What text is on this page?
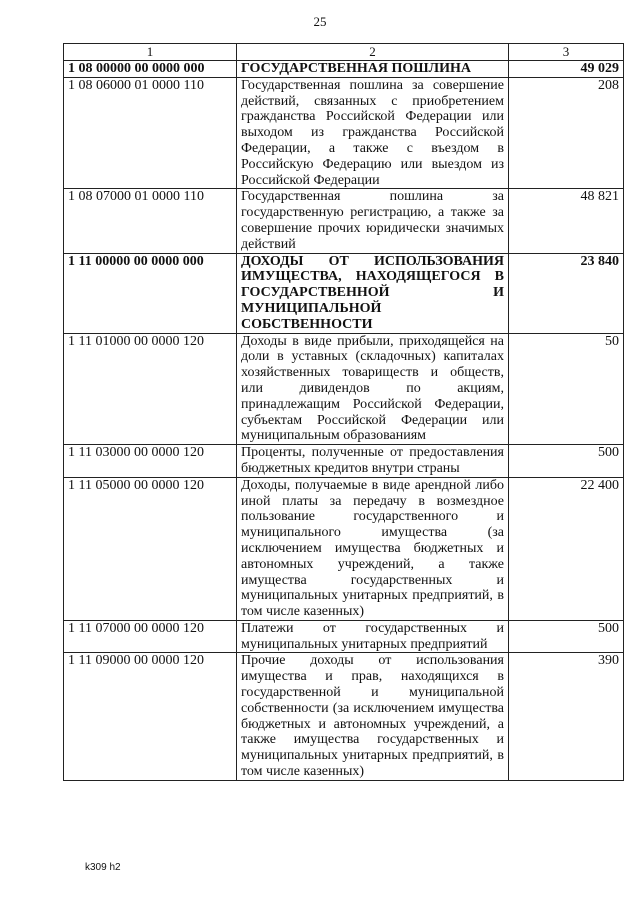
25
1	2	3
1 08 00000 00 0000 000	ГОСУДАРСТВЕННАЯ ПОШЛИНА	49 029
1 08 06000 01 0000 110	Государственная пошлина за совершение действий, связанных с приобретением гражданства Российской Федерации или выходом из гражданства Российской Федерации, а также с въездом в Российскую Федерацию или выездом из Российской Федерации	208
1 08 07000 01 0000 110	Государственная пошлина за государственную регистрацию, а также за совершение прочих юридически значимых действий	48 821
1 11 00000 00 0000 000	ДОХОДЫ ОТ ИСПОЛЬЗОВАНИЯ ИМУЩЕСТВА, НАХОДЯЩЕГОСЯ В ГОСУДАРСТВЕННОЙ И МУНИЦИПАЛЬНОЙ СОБСТВЕННОСТИ	23 840
1 11 01000 00 0000 120	Доходы в виде прибыли, приходящейся на доли в уставных (складочных) капиталах хозяйственных товариществ и обществ, или дивидендов по акциям, принадлежащим Российской Федерации, субъектам Российской Федерации или муниципальным образованиям	50
1 11 03000 00 0000 120	Проценты, полученные от предоставления бюджетных кредитов внутри страны	500
1 11 05000 00 0000 120	Доходы, получаемые в виде арендной либо иной платы за передачу в возмездное пользование государственного и муниципального имущества (за исключением имущества бюджетных и автономных учреждений, а также имущества государственных и муниципальных унитарных предприятий, в том числе казенных)	22 400
1 11 07000 00 0000 120	Платежи от государственных и муниципальных унитарных предприятий	500
1 11 09000 00 0000 120	Прочие доходы от использования имущества и прав, находящихся в государственной и муниципальной собственности (за исключением имущества бюджетных и автономных учреждений, а также имущества государственных и муниципальных унитарных предприятий, в том числе казенных)	390
k309 h2
